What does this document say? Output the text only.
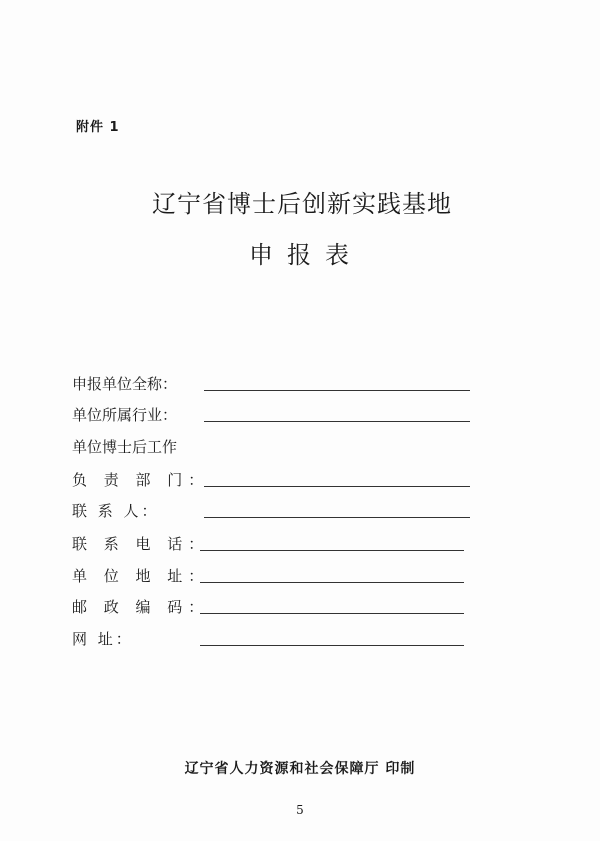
附件 1
辽宁省博士后创新实践基地
申报表
申报单位全称：
单位所属行业：
单位博士后工作
负 责 部 门：
联 系 人：
联 系 电 话：
单 位 地 址：
邮 政 编 码：
网 址：
辽宁省人力资源和社会保障厅 印制
5
